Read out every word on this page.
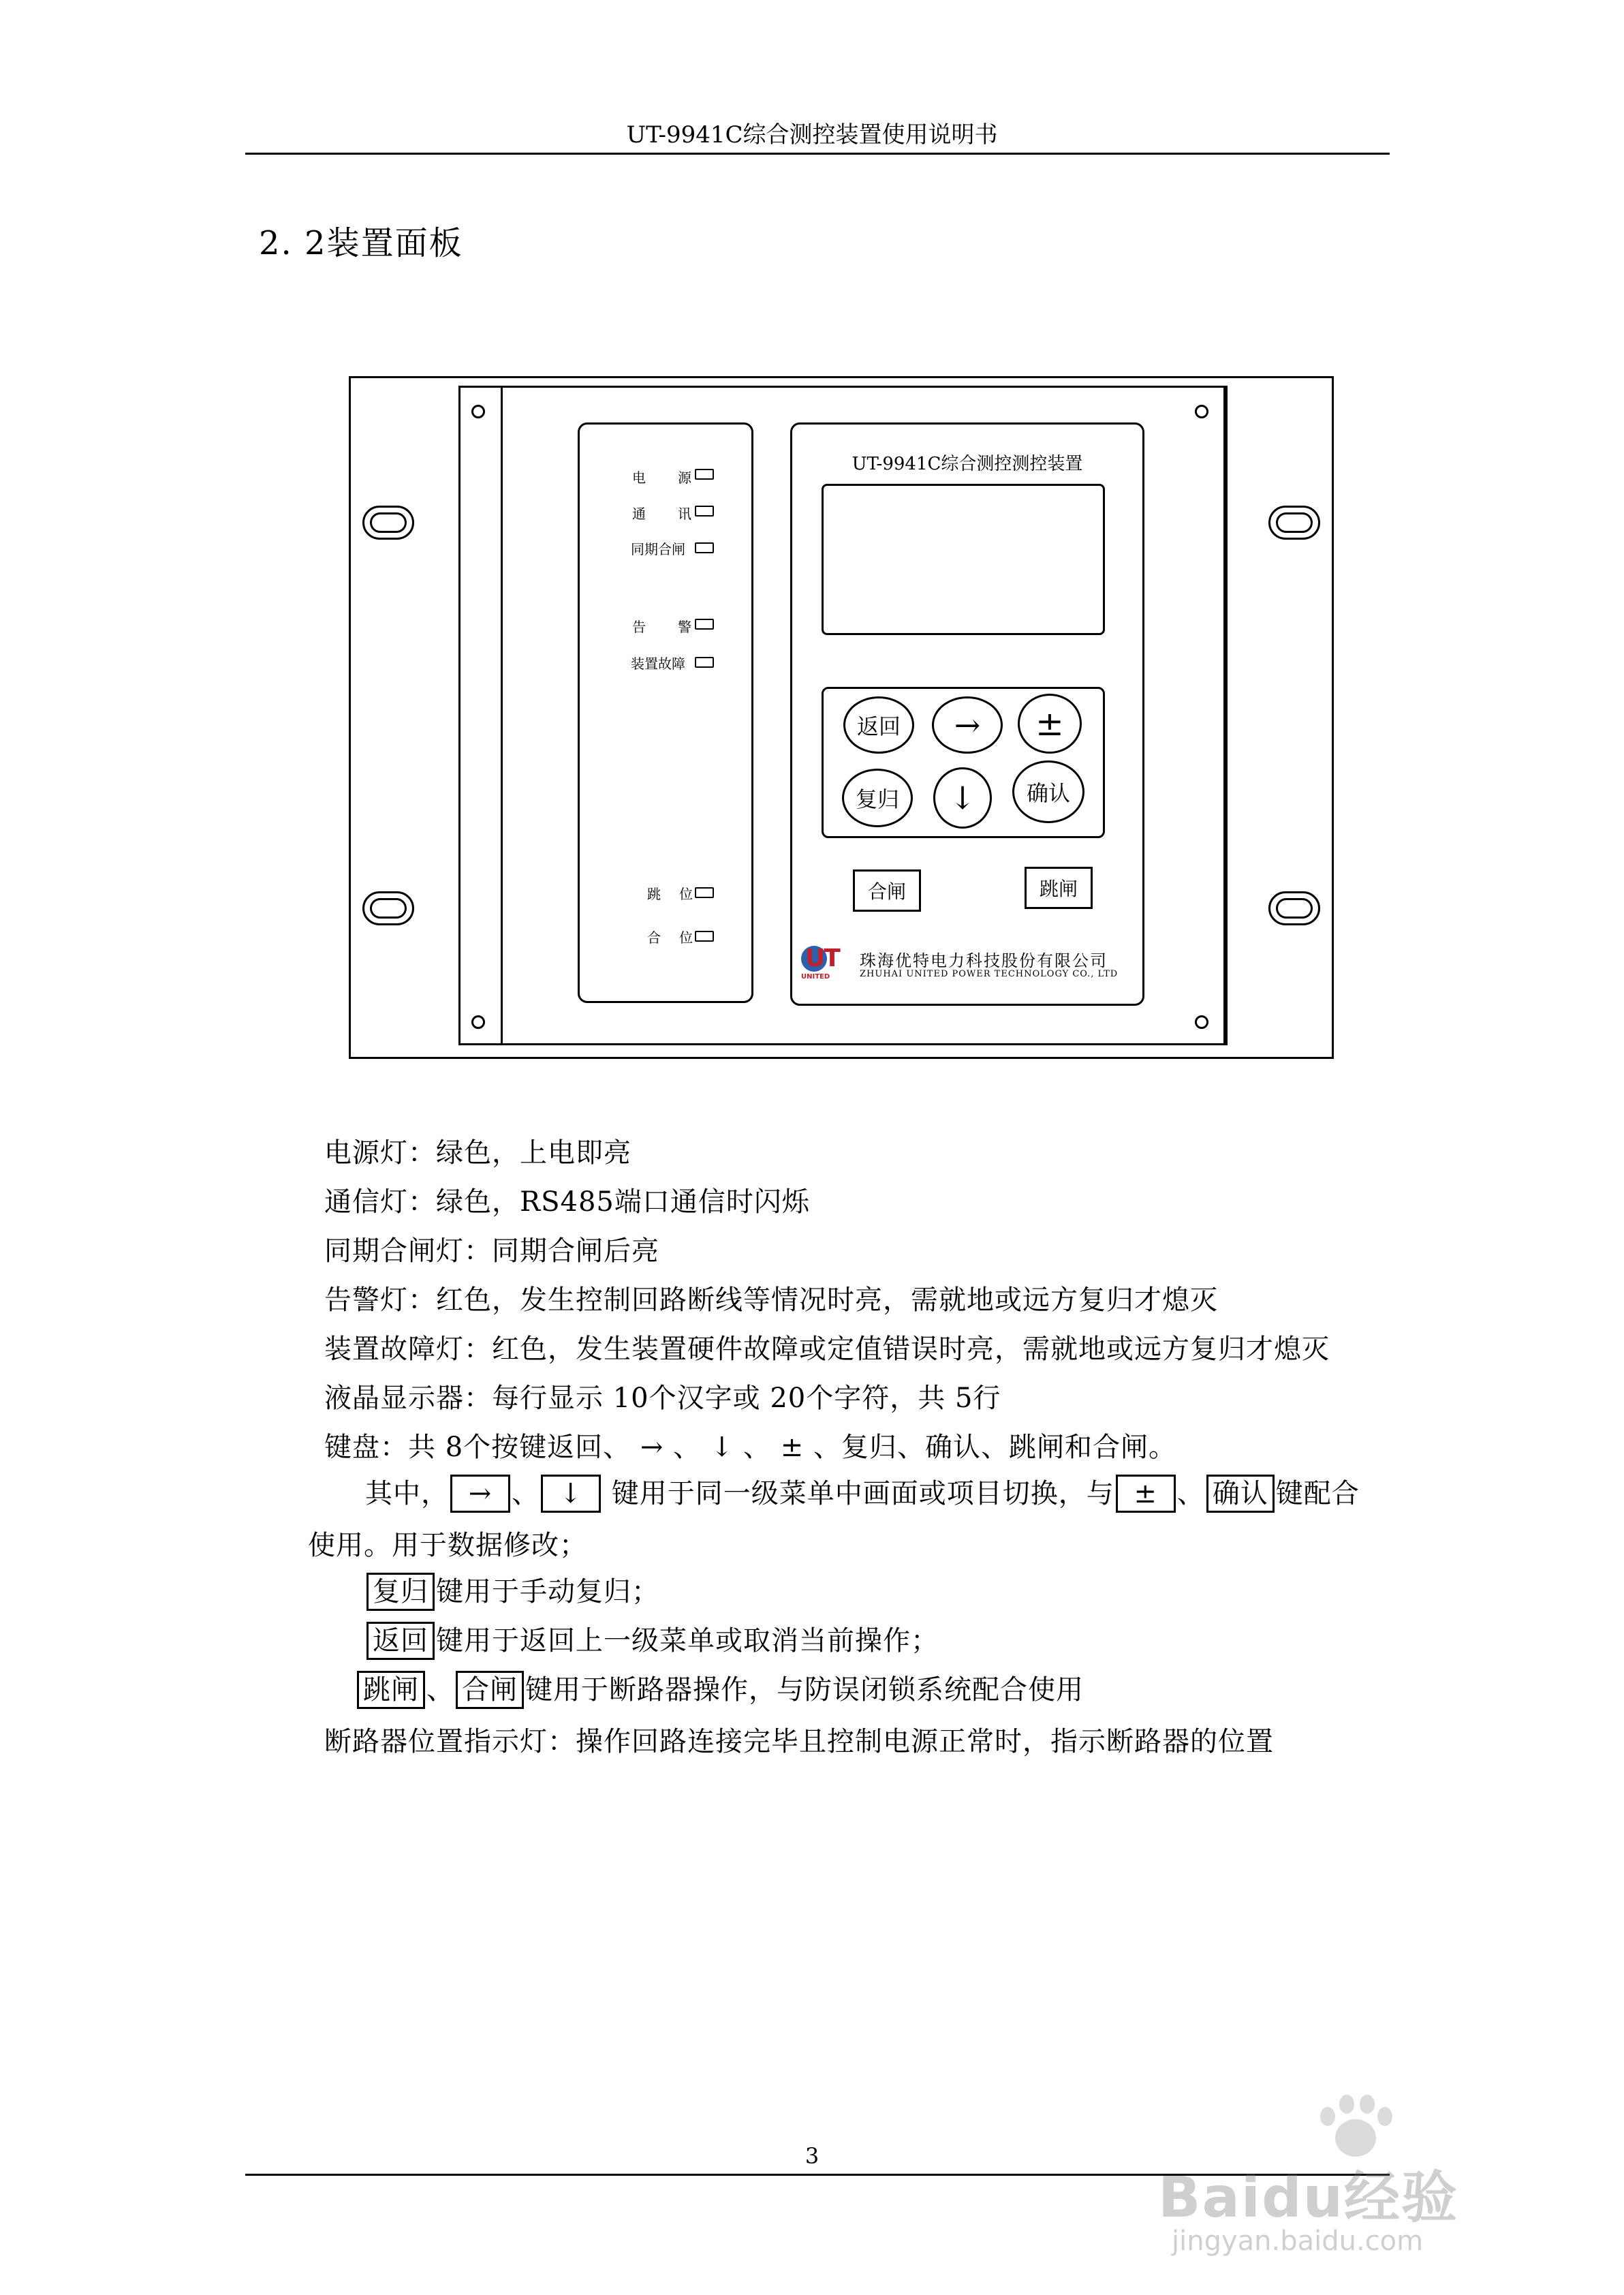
UT-9941C综合测控装置使用说明书
2. 2装置面板
电 源
通 讯
同期合闸
告 警
装置故障
跳 位
合 位
UT-9941C综合测控测控装置
返回	→	±
复归	↓	确认
合闸	跳闸
UT
UNITED
珠海优特电力科技股份有限公司
ZHUHAI UNITED POWER TECHNOLOGY CO., LTD
电源灯：绿色，上电即亮
通信灯：绿色，RS485端口通信时闪烁
同期合闸灯：同期合闸后亮
告警灯：红色，发生控制回路断线等情况时亮，需就地或远方复归才熄灭
装置故障灯：红色，发生装置硬件故障或定值错误时亮，需就地或远方复归才熄灭
液晶显示器：每行显示 10个汉字或 20个字符，共 5行
键盘：共 8个按键返回、 → 、 ↓ 、 ± 、复归、确认、跳闸和合闸。
其中， → 、 ↓ 键用于同一级菜单中画面或项目切换，与 ± 、 确认 键配合
使用。用于数据修改；
复归 键用于手动复归；
返回 键用于返回上一级菜单或取消当前操作；
跳闸 、 合闸 键用于断路器操作，与防误闭锁系统配合使用
断路器位置指示灯：操作回路连接完毕且控制电源正常时，指示断路器的位置
3
Baidu经验
jingyan.baidu.com
